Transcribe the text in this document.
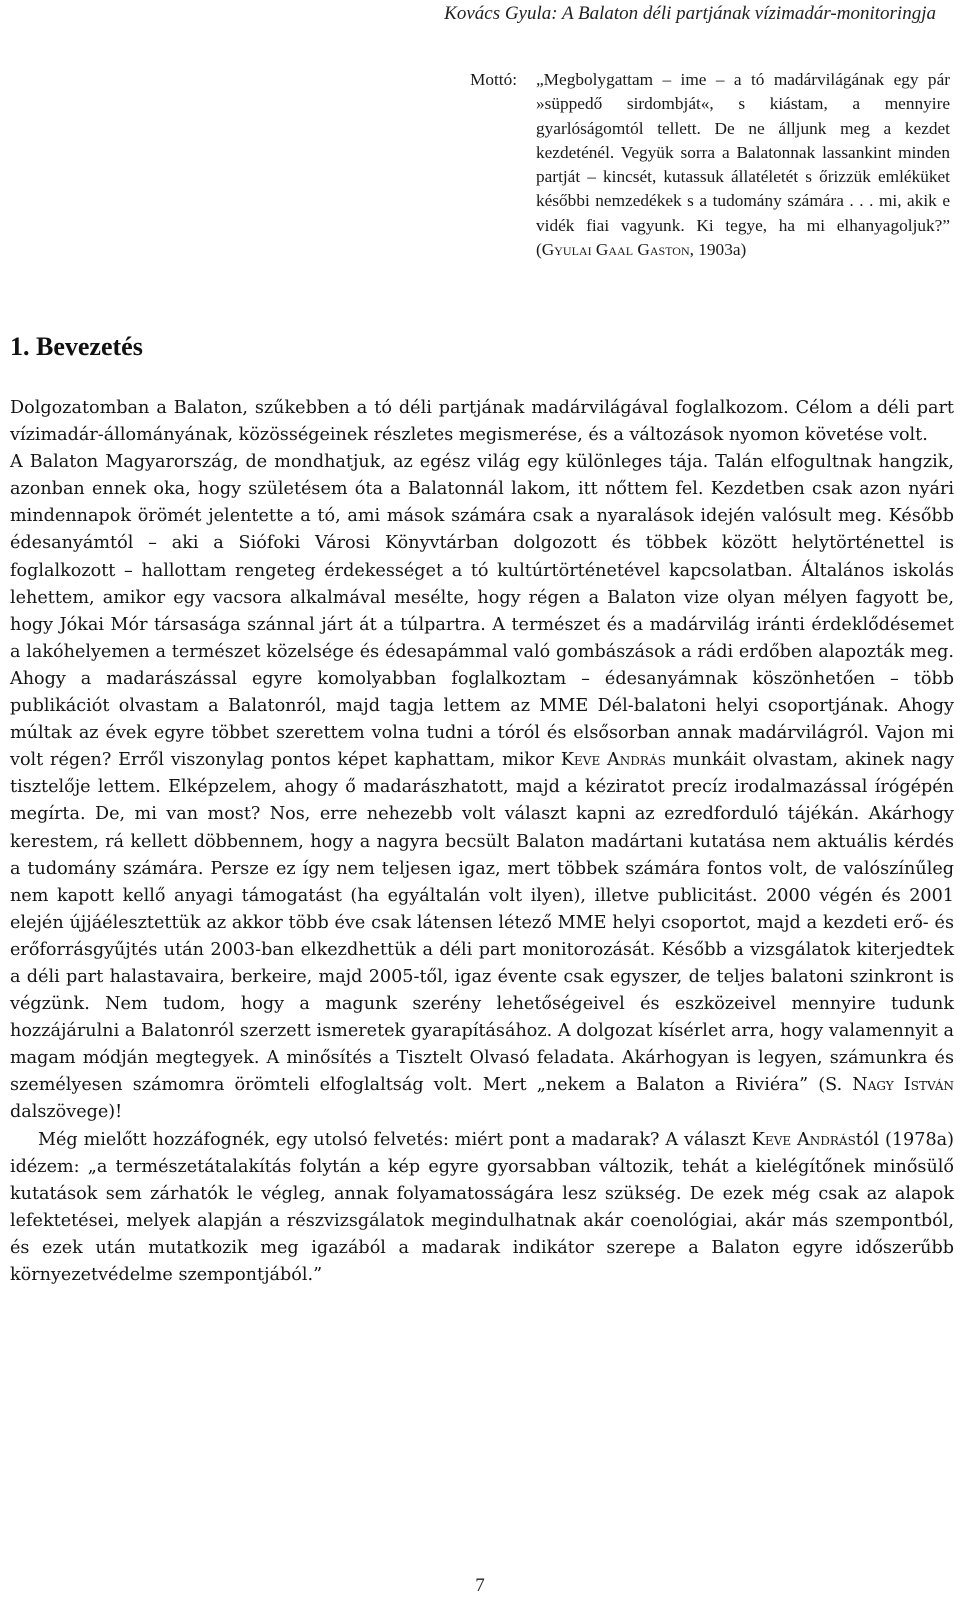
Kovács Gyula: A Balaton déli partjának vízimadár-monitoringja
Mottó: „Megbolygattam – ime – a tó madárvilágának egy pár »süppedő sirdombját«, s kiástam, a mennyire gyarlóságomtól tellett. De ne álljunk meg a kezdet kezdeténél. Vegyük sorra a Balatonnak lassankint minden partját – kincsét, kutassuk állatéletét s őrizzük emléküket későbbi nemzedékek s a tudomány számára . . . mi, akik e vidék fiai vagyunk. Ki tegye, ha mi elhanyagoljuk?” (Gyulai Gaal Gaston, 1903a)
1. Bevezetés

Dolgozatomban a Balaton, szűkebben a tó déli partjának madárvilágával foglalkozom. Célom a déli part vízimadár-állományának, közösségeinek részletes megismerése, és a változások nyomon követése volt.

A Balaton Magyarország, de mondhatjuk, az egész világ egy különleges tája. Talán elfogultnak hangzik, azonban ennek oka, hogy születésem óta a Balatonnál lakom, itt nőttem fel. Kezdetben csak azon nyári mindennapok örömét jelentette a tó, ami mások számára csak a nyaralások idején valósult meg. Később édesanyámtól – aki a Siófoki Városi Könyvtárban dolgozott és többek között helytörténettel is foglalkozott – hallottam rengeteg érdekességet a tó kultúrtörténetével kapcsolatban. Általános iskolás lehettem, amikor egy vacsora alkalmával mesélte, hogy régen a Balaton vize olyan mélyen fagyott be, hogy Jókai Mór társasága szánnal járt át a túlpartra. A természet és a madárvilág iránti érdeklődésemet a lakóhelyemen a természet közelsége és édesapámmal való gombászások a rádi erdőben alapozták meg. Ahogy a madarászással egyre komolyabban foglalkoztam – édesanyámnak köszönhetően – több publikációt olvastam a Balatonról, majd tagja lettem az MME Dél-balatoni helyi csoportjának. Ahogy múltak az évek egyre többet szerettem volna tudni a tóról és elsősorban annak madárvilágról. Vajon mi volt régen? Erről viszonylag pontos képet kaphattam, mikor Keve András munkáit olvastam, akinek nagy tisztelője lettem. Elképzelem, ahogy ő madarászhatott, majd a kéziratot precíz irodalmazással írógépén megírta. De, mi van most? Nos, erre nehezebb volt választ kapni az ezredforduló tájékán. Akárhogy kerestem, rá kellett döbbennem, hogy a nagyra becsült Balaton madártani kutatása nem aktuális kérdés a tudomány számára. Persze ez így nem teljesen igaz, mert többek számára fontos volt, de valószínűleg nem kapott kellő anyagi támogatást (ha egyáltalán volt ilyen), illetve publicitást. 2000 végén és 2001 elején újjáélesztettük az akkor több éve csak látensen létező MME helyi csoportot, majd a kezdeti erő- és erőforrásgyűjtés után 2003-ban elkezdhettük a déli part monitorozását. Később a vizsgálatok kiterjedtek a déli part halastavaira, berkeire, majd 2005-től, igaz évente csak egyszer, de teljes balatoni szinkront is végzünk. Nem tudom, hogy a magunk szerény lehetőségeivel és eszközeivel mennyire tudunk hozzájárulni a Balatonról szerzett ismeretek gyarapításához. A dolgozat kísérlet arra, hogy valamennyit a magam módján megtegyek. A minősítés a Tisztelt Olvasó feladata. Akárhogyan is legyen, számunkra és személyesen számomra örömteli elfoglaltság volt. Mert „nekem a Balaton a Riviéra” (S. Nagy István dalszövege)!

Még mielőtt hozzáfognék, egy utolsó felvetés: miért pont a madarak? A választ Keve Andrástól (1978a) idézem: „a természetátalakítás folytán a kép egyre gyorsabban változik, tehát a kielégítőnek minősülő kutatások sem zárhatók le végleg, annak folyamatosságára lesz szükség. De ezek még csak az alapok lefektetései, melyek alapján a részvizsgálatok megindulhatnak akár coenológiai, akár más szempontból, és ezek után mutatkozik meg igazából a madarak indikátor szerepe a Balaton egyre időszerűbb környezetvédelme szempontjából.”

7
